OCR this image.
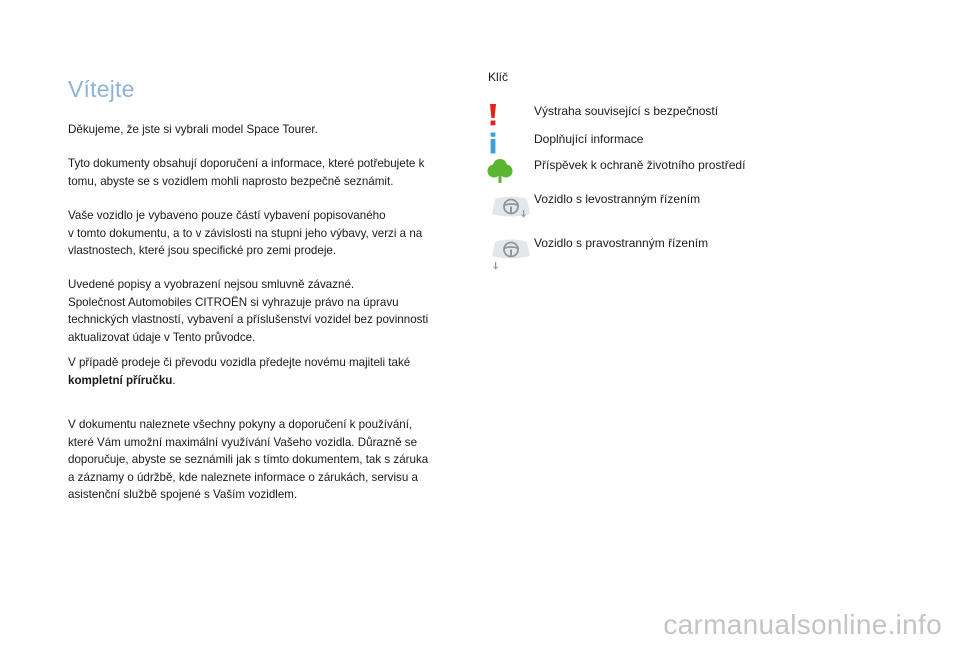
Vítejte

Děkujeme, že jste si vybrali model Space Tourer.

Tyto dokumenty obsahují doporučení a informace, které potřebujete k
tomu, abyste se s vozidlem mohli naprosto bezpečně seznámit.

Vaše vozidlo je vybaveno pouze částí vybavení popisovaného
v tomto dokumentu, a to v závislosti na stupni jeho výbavy, verzi a na
vlastnostech, které jsou specifické pro zemi prodeje.

Uvedené popisy a vyobrazení nejsou smluvně závazné.
Společnost Automobiles CITROËN si vyhrazuje právo na úpravu
technických vlastností, vybavení a příslušenství vozidel bez povinnosti
aktualizovat údaje v Tento průvodce.

V případě prodeje či převodu vozidla předejte novému majiteli také
kompletní příručku.

V dokumentu naleznete všechny pokyny a doporučení k používání,
které Vám umožní maximální využívání Vašeho vozidla. Důrazně se
doporučuje, abyste se seznámili jak s tímto dokumentem, tak s záruka
a záznamy o údržbě, kde naleznete informace o zárukách, servisu a
asistenční službě spojené s Vaším vozidlem.

Klíč
Výstraha související s bezpečností
Doplňující informace
Příspěvek k ochraně životního prostředí
Vozidlo s levostranným řízením
Vozidlo s pravostranným řízením
carmanualsonline.info
